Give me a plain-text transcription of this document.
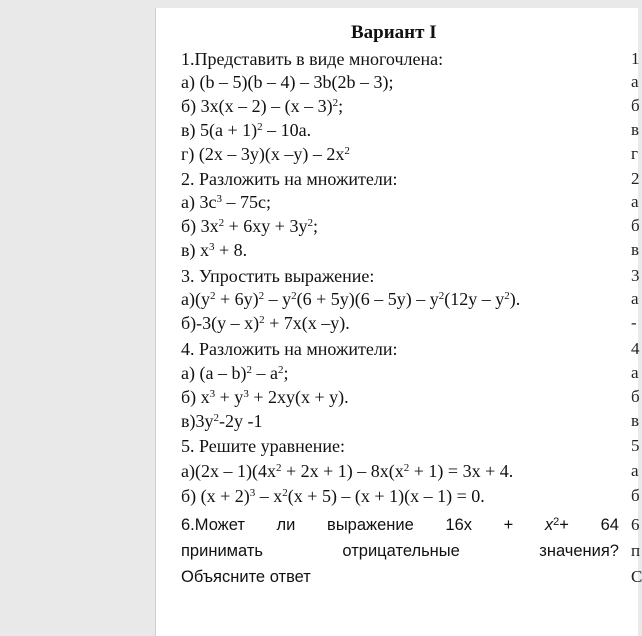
Вариант I
1.Представить в виде многочлена:
а) (b – 5)(b – 4) – 3b(2b – 3);
б) 3x(x – 2) – (x – 3)$^2$;
в) $5(a + 1)^2 - 10a$.
г) (2x – 3y)(x $-y) - 2x^2$
2. Разложить на множители:
а) $3c^3 - 75c$;
б) $3x^2 + 6xy + 3y^2$;
в) $x^3 + 8$.
3. Упростить выражение:
$а)(y^2 + 6y)^2 - y^2(6 + 5y)(6 - 5y) - y^2(12y - y^2)$.
б)-3(y – x)$^2$ + 7x(x –y).
4. Разложить на множители:
а) $(a - b)^2 - a^2$;
б) $x^3 + y^3 + 2xy(x + y)$.
$в)3y^2-2y$ -1
5. Решите уравнение:
$а)(2x - 1)(4x^2 + 2x + 1) - 8x(x^2 + 1) = 3x + 4$.
б) $(x + 2)^3 - x^2(x + 5) - (x + 1)(x - 1) = 0$.
6.Может ли выражение $16x + x^2+ 64$
принимать	отрицательные	значения?
Объясните ответ
1
а
б
в
г
2
а
б
в
3
а
-
4
а
б
в
5
а
б
6
п
С
